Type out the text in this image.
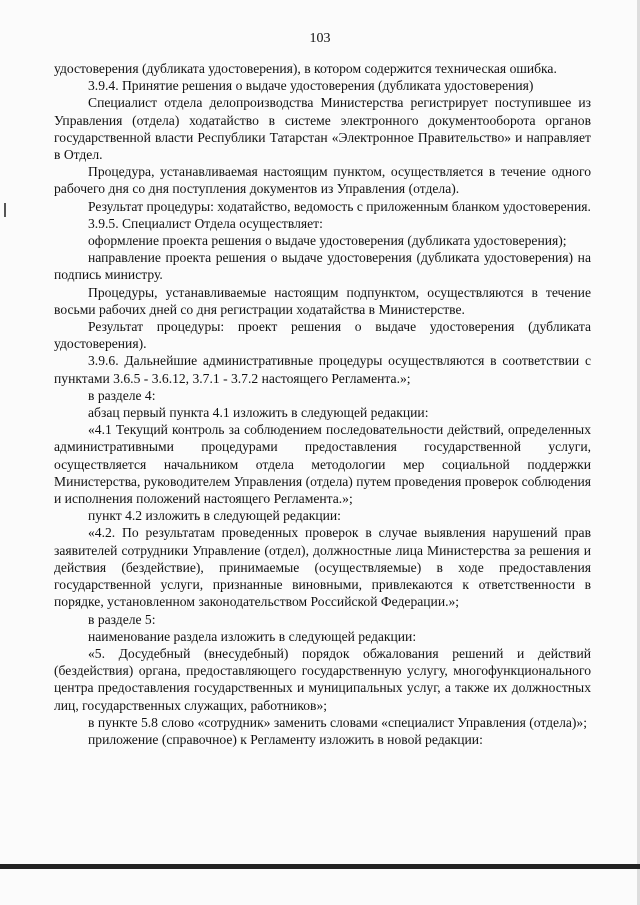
103

удостоверения (дубликата удостоверения), в котором содержится техническая ошибка.

3.9.4. Принятие решения о выдаче удостоверения (дубликата удостоверения)

Специалист отдела делопроизводства Министерства регистрирует поступившее из Управления (отдела) ходатайство в системе электронного документооборота органов государственной власти Республики Татарстан «Электронное Правительство» и направляет в Отдел.

Процедура, устанавливаемая настоящим пунктом, осуществляется в течение одного рабочего дня со дня поступления документов из Управления (отдела).

Результат процедуры: ходатайство, ведомость с приложенным бланком удостоверения.

3.9.5. Специалист Отдела осуществляет:

оформление проекта решения о выдаче удостоверения (дубликата удостоверения);

направление проекта решения о выдаче удостоверения (дубликата удостоверения) на подпись министру.

Процедуры, устанавливаемые настоящим подпунктом, осуществляются в течение восьми рабочих дней со дня регистрации ходатайства в Министерстве.

Результат процедуры: проект решения о выдаче удостоверения (дубликата удостоверения).

3.9.6. Дальнейшие административные процедуры осуществляются в соответствии с пунктами 3.6.5 - 3.6.12, 3.7.1 - 3.7.2 настоящего Регламента.»;

в разделе 4:

абзац первый пункта 4.1 изложить в следующей редакции:

«4.1 Текущий контроль за соблюдением последовательности действий, определенных административными процедурами предоставления государственной услуги, осуществляется начальником отдела методологии мер социальной поддержки Министерства, руководителем Управления (отдела) путем проведения проверок соблюдения и исполнения положений настоящего Регламента.»;

пункт 4.2 изложить в следующей редакции:

«4.2. По результатам проведенных проверок в случае выявления нарушений прав заявителей сотрудники Управление (отдел), должностные лица Министерства за решения и действия (бездействие), принимаемые (осуществляемые) в ходе предоставления государственной услуги, признанные виновными, привлекаются к ответственности в порядке, установленном законодательством Российской Федерации.»;

в разделе 5:

наименование раздела изложить в следующей редакции:

«5. Досудебный (внесудебный) порядок обжалования решений и действий (бездействия) органа, предоставляющего государственную услугу, многофункционального центра предоставления государственных и муниципальных услуг, а также их должностных лиц, государственных служащих, работников»;

в пункте 5.8 слово «сотрудник» заменить словами «специалист Управления (отдела)»;

приложение (справочное) к Регламенту изложить в новой редакции:
